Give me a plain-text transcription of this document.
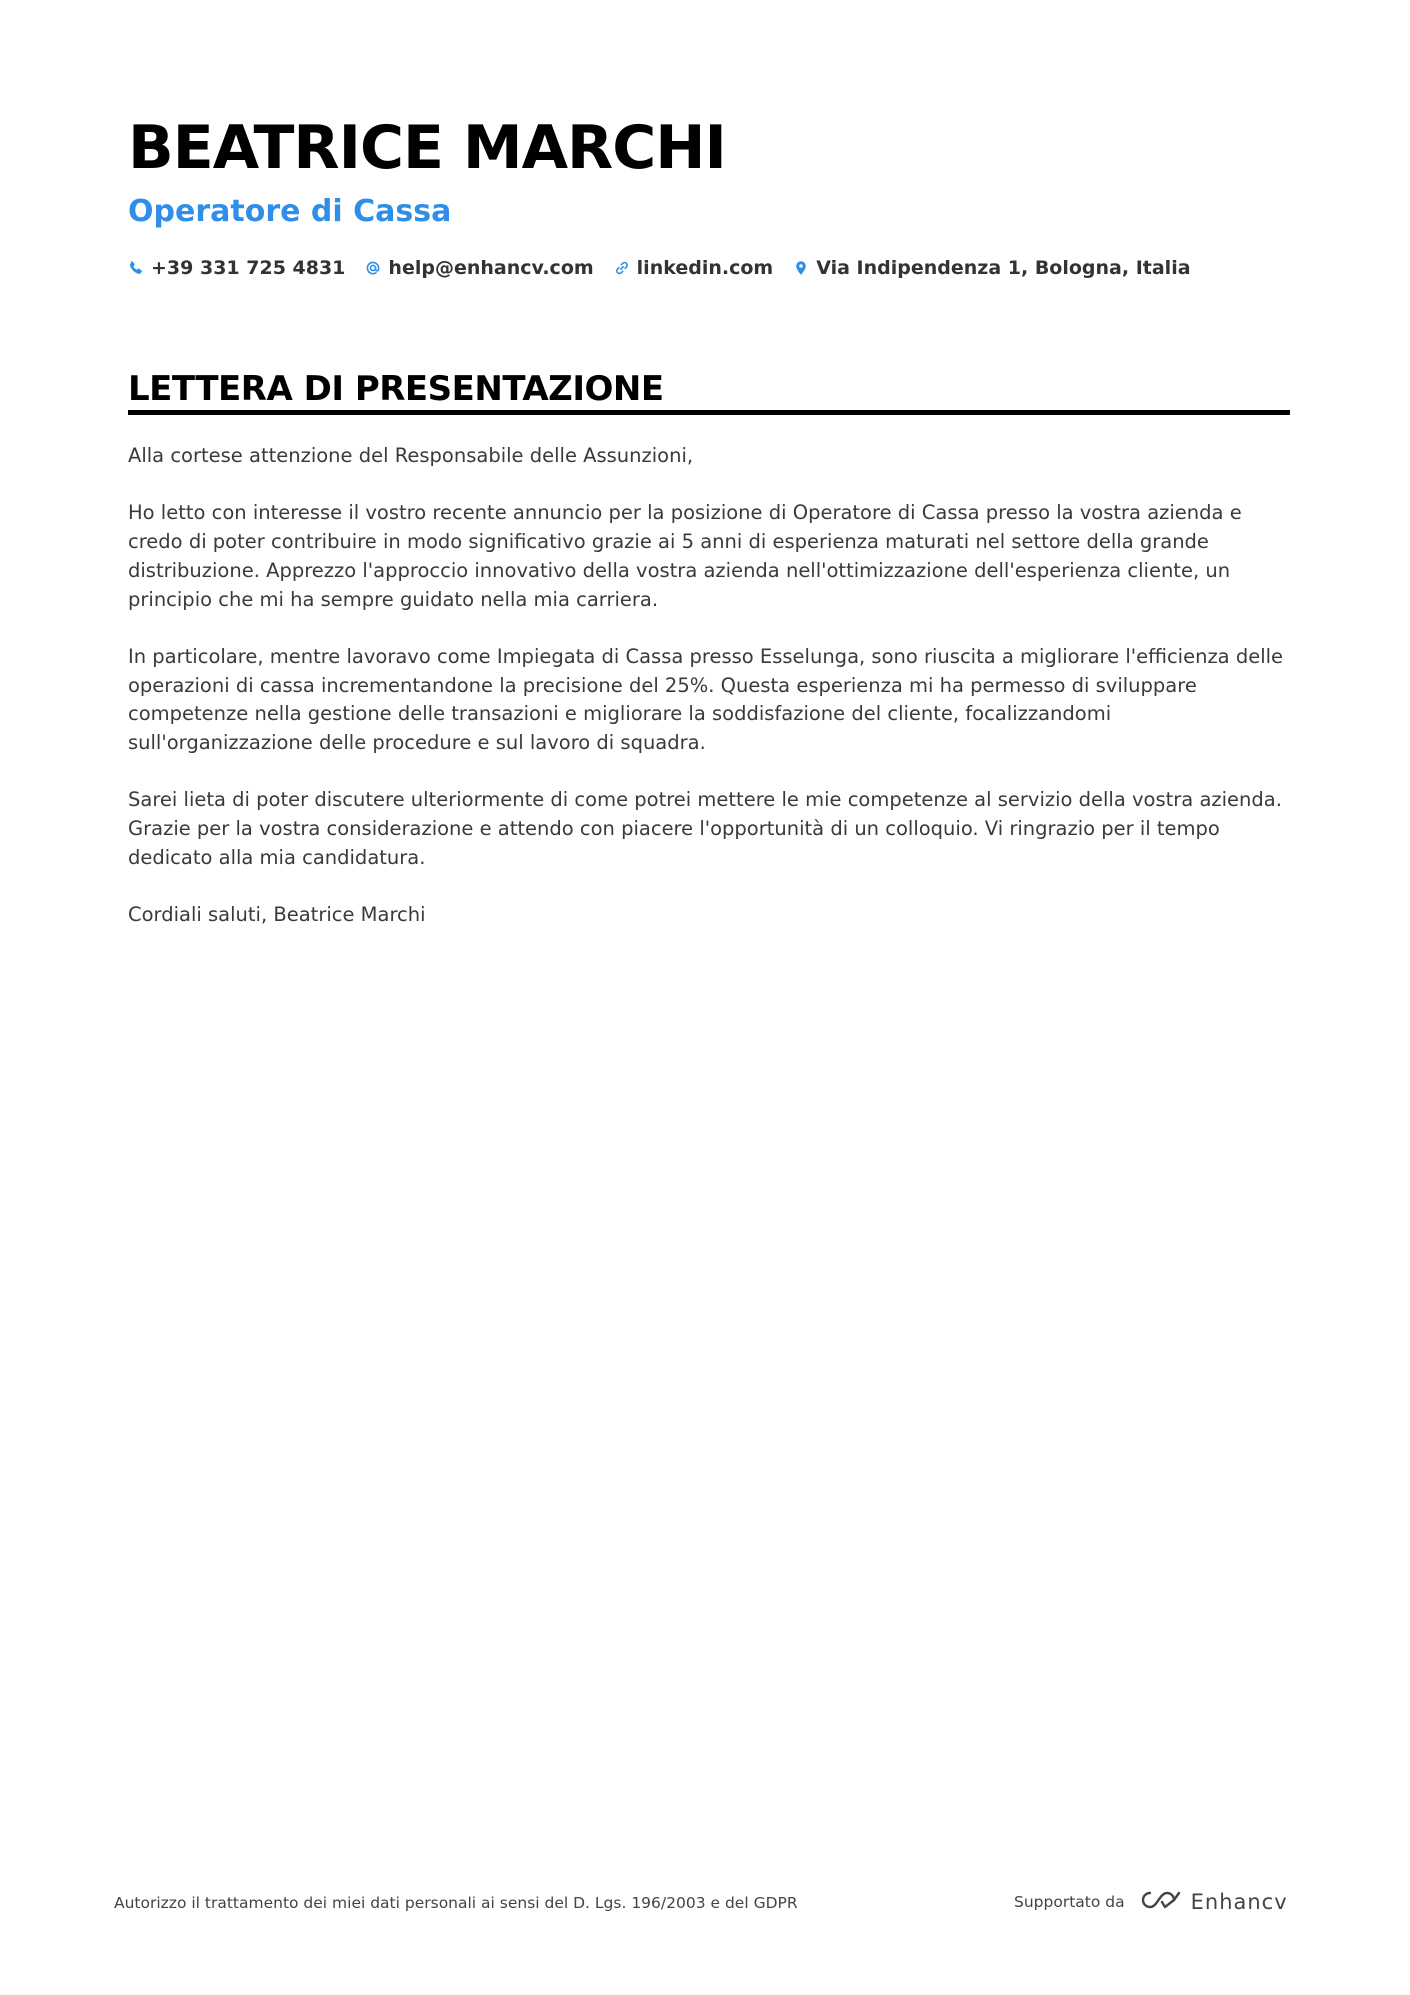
BEATRICE MARCHI
Operatore di Cassa
+39 331 725 4831 help@enhancv.com linkedin.com Via Indipendenza 1, Bologna, Italia
LETTERA DI PRESENTAZIONE

Alla cortese attenzione del Responsabile delle Assunzioni,

Ho letto con interesse il vostro recente annuncio per la posizione di Operatore di Cassa presso la vostra azienda e credo di poter contribuire in modo significativo grazie ai 5 anni di esperienza maturati nel settore della grande distribuzione. Apprezzo l'approccio innovativo della vostra azienda nell'ottimizzazione dell'esperienza cliente, un principio che mi ha sempre guidato nella mia carriera.

In particolare, mentre lavoravo come Impiegata di Cassa presso Esselunga, sono riuscita a migliorare l'efficienza delle operazioni di cassa incrementandone la precisione del 25%. Questa esperienza mi ha permesso di sviluppare competenze nella gestione delle transazioni e migliorare la soddisfazione del cliente, focalizzandomi sull'organizzazione delle procedure e sul lavoro di squadra.

Sarei lieta di poter discutere ulteriormente di come potrei mettere le mie competenze al servizio della vostra azienda. Grazie per la vostra considerazione e attendo con piacere l'opportunità di un colloquio. Vi ringrazio per il tempo dedicato alla mia candidatura.

Cordiali saluti, Beatrice Marchi

Autorizzo il trattamento dei miei dati personali ai sensi del D. Lgs. 196/2003 e del GDPR	Supportato da	Enhancv
